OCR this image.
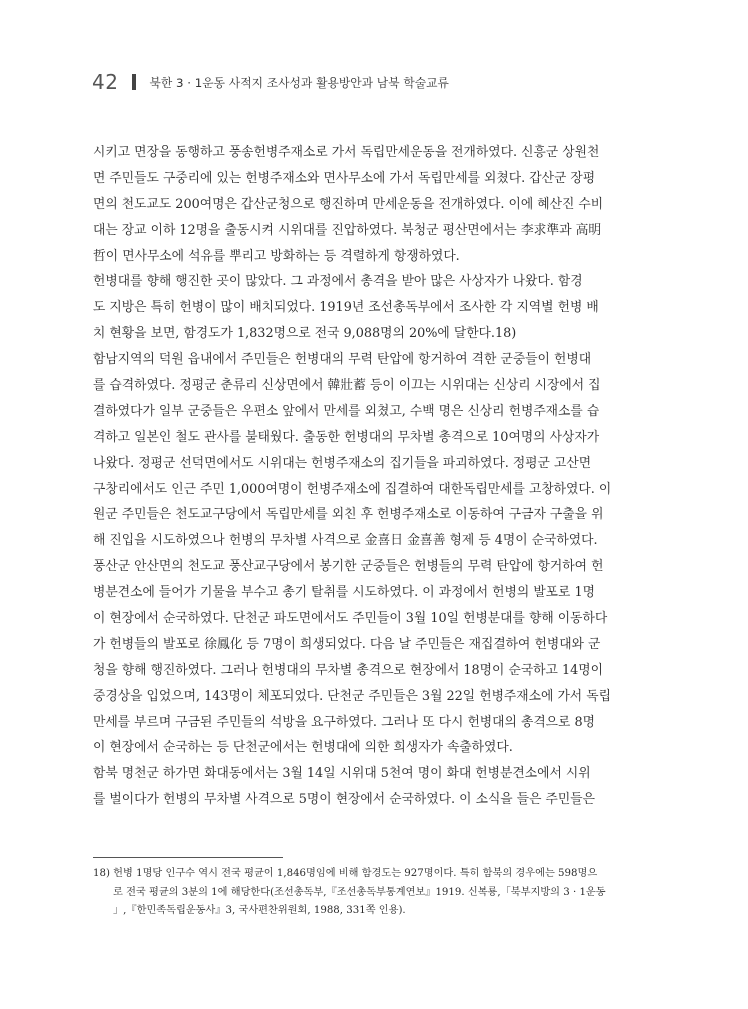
42	북한 3 · 1운동 사적지 조사성과 활용방안과 남북 학술교류
시키고 면장을 동행하고 풍송헌병주재소로 가서 독립만세운동을 전개하였다. 신흥군 상원천
면 주민들도 구중리에 있는 헌병주재소와 면사무소에 가서 독립만세를 외쳤다. 갑산군 장평
면의 천도교도 200여명은 갑산군청으로 행진하며 만세운동을 전개하였다. 이에 혜산진 수비
대는 장교 이하 12명을 출동시켜 시위대를 진압하였다. 북청군 평산면에서는 李求準과 高明
哲이 면사무소에 석유를 뿌리고 방화하는 등 격렬하게 항쟁하였다.
헌병대를 향해 행진한 곳이 많았다. 그 과정에서 총격을 받아 많은 사상자가 나왔다. 함경
도 지방은 특히 헌병이 많이 배치되었다. 1919년 조선총독부에서 조사한 각 지역별 헌병 배
치 현황을 보면, 함경도가 1,832명으로 전국 9,088명의 20%에 달한다.18)
함남지역의 덕원 읍내에서 주민들은 헌병대의 무력 탄압에 항거하여 격한 군중들이 헌병대
를 습격하였다. 정평군 춘류리 신상면에서 韓壯蓄 등이 이끄는 시위대는 신상리 시장에서 집
결하였다가 일부 군중들은 우편소 앞에서 만세를 외쳤고, 수백 명은 신상리 헌병주재소를 습
격하고 일본인 철도 관사를 불태웠다. 출동한 헌병대의 무차별 총격으로 10여명의 사상자가
나왔다. 정평군 선덕면에서도 시위대는 헌병주재소의 집기들을 파괴하였다. 정평군 고산면
구창리에서도 인근 주민 1,000여명이 헌병주재소에 집결하여 대한독립만세를 고창하였다. 이
원군 주민들은 천도교구당에서 독립만세를 외친 후 헌병주재소로 이동하여 구금자 구출을 위
해 진입을 시도하였으나 헌병의 무차별 사격으로 金喜日 金喜善 형제 등 4명이 순국하였다.
풍산군 안산면의 천도교 풍산교구당에서 봉기한 군중들은 헌병들의 무력 탄압에 항거하여 헌
병분견소에 들어가 기물을 부수고 총기 탈취를 시도하였다. 이 과정에서 헌병의 발포로 1명
이 현장에서 순국하였다. 단천군 파도면에서도 주민들이 3월 10일 헌병분대를 향해 이동하다
가 헌병들의 발포로 徐鳳化 등 7명이 희생되었다. 다음 날 주민들은 재집결하여 헌병대와 군
청을 향해 행진하였다. 그러나 헌병대의 무차별 총격으로 현장에서 18명이 순국하고 14명이
중경상을 입었으며, 143명이 체포되었다. 단천군 주민들은 3월 22일 헌병주재소에 가서 독립
만세를 부르며 구금된 주민들의 석방을 요구하였다. 그러나 또 다시 헌병대의 총격으로 8명
이 현장에서 순국하는 등 단천군에서는 헌병대에 의한 희생자가 속출하였다.
함북 명천군 하가면 화대동에서는 3월 14일 시위대 5천여 명이 화대 헌병분견소에서 시위
를 벌이다가 헌병의 무차별 사격으로 5명이 현장에서 순국하였다. 이 소식을 들은 주민들은
18) 헌병 1명당 인구수 역시 전국 평균이 1,846명임에 비해 함경도는 927명이다. 특히 함북의 경우에는 598명으
로 전국 평균의 3분의 1에 해당한다(조선총독부,『조선총독부통계연보』1919. 신복룡,「북부지방의 3 · 1운동
」,『한민족독립운동사』3, 국사편찬위원회, 1988, 331쪽 인용).
